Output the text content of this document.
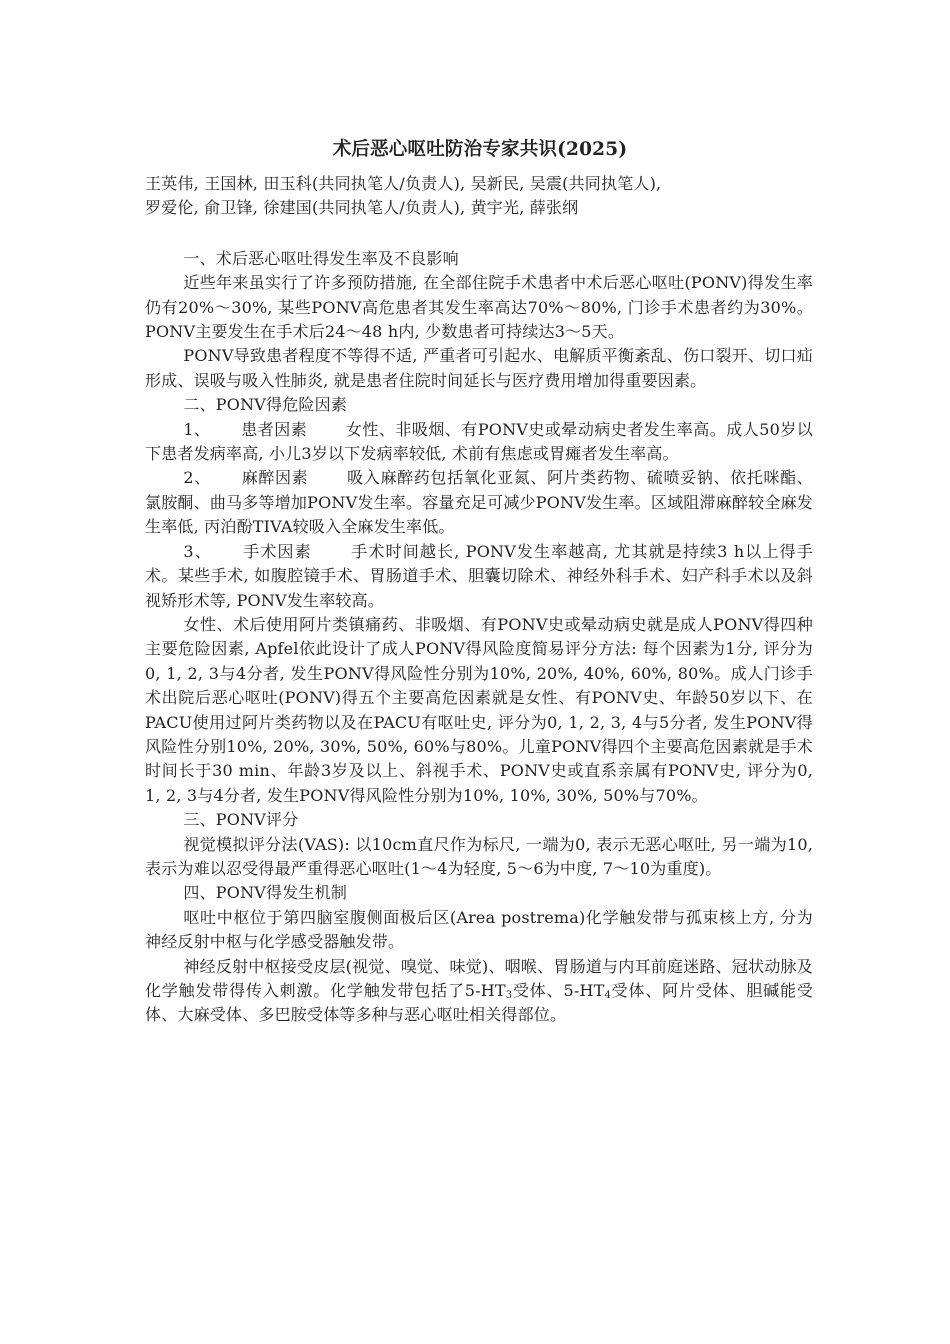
术后恶心呕吐防治专家共识(2025)

王英伟, 王国林, 田玉科(共同执笔人/负责人), 吴新民, 吴震(共同执笔人),
罗爱伦, 俞卫锋, 徐建国(共同执笔人/负责人), 黄宇光, 薛张纲

一、术后恶心呕吐得发生率及不良影响

近些年来虽实行了许多预防措施, 在全部住院手术患者中术后恶心呕吐(PONV)得发生率仍有20%～30%, 某些PONV高危患者其发生率高达70%～80%, 门诊手术患者约为30%。PONV主要发生在手术后24～48 h内, 少数患者可持续达3～5天。

PONV导致患者程度不等得不适, 严重者可引起水、电解质平衡紊乱、伤口裂开、切口疝形成、误吸与吸入性肺炎, 就是患者住院时间延长与医疗费用增加得重要因素。

二、PONV得危险因素

1、 患者因素 女性、非吸烟、有PONV史或晕动病史者发生率高。成人50岁以下患者发病率高, 小儿3岁以下发病率较低, 术前有焦虑或胃瘫者发生率高。

2、 麻醉因素 吸入麻醉药包括氧化亚氮、阿片类药物、硫喷妥钠、依托咪酯、氯胺酮、曲马多等增加PONV发生率。容量充足可减少PONV发生率。区域阻滞麻醉较全麻发生率低, 丙泊酚TIVA较吸入全麻发生率低。

3、 手术因素 手术时间越长, PONV发生率越高, 尤其就是持续3 h以上得手术。某些手术, 如腹腔镜手术、胃肠道手术、胆囊切除术、神经外科手术、妇产科手术以及斜视矫形术等, PONV发生率较高。

女性、术后使用阿片类镇痛药、非吸烟、有PONV史或晕动病史就是成人PONV得四种主要危险因素, Apfel依此设计了成人PONV得风险度简易评分方法: 每个因素为1分, 评分为0, 1, 2, 3与4分者, 发生PONV得风险性分别为10%, 20%, 40%, 60%, 80%。成人门诊手术出院后恶心呕吐(PONV)得五个主要高危因素就是女性、有PONV史、年龄50岁以下、在PACU使用过阿片类药物以及在PACU有呕吐史, 评分为0, 1, 2, 3, 4与5分者, 发生PONV得风险性分别10%, 20%, 30%, 50%, 60%与80%。儿童PONV得四个主要高危因素就是手术时间长于30 min、年龄3岁及以上、斜视手术、PONV史或直系亲属有PONV史, 评分为0, 1, 2, 3与4分者, 发生PONV得风险性分别为10%, 10%, 30%, 50%与70%。

三、PONV评分

视觉模拟评分法(VAS): 以10cm直尺作为标尺, 一端为0, 表示无恶心呕吐, 另一端为10, 表示为难以忍受得最严重得恶心呕吐(1～4为轻度, 5～6为中度, 7～10为重度)。

四、PONV得发生机制

呕吐中枢位于第四脑室腹侧面极后区(Area postrema)化学触发带与孤束核上方, 分为神经反射中枢与化学感受器触发带。

神经反射中枢接受皮层(视觉、嗅觉、味觉)、咽喉、胃肠道与内耳前庭迷路、冠状动脉及化学触发带得传入刺激。化学触发带包括了$5-HT_3$受体、$5-HT_4$受体、阿片受体、胆碱能受体、大麻受体、多巴胺受体等多种与恶心呕吐相关得部位。
